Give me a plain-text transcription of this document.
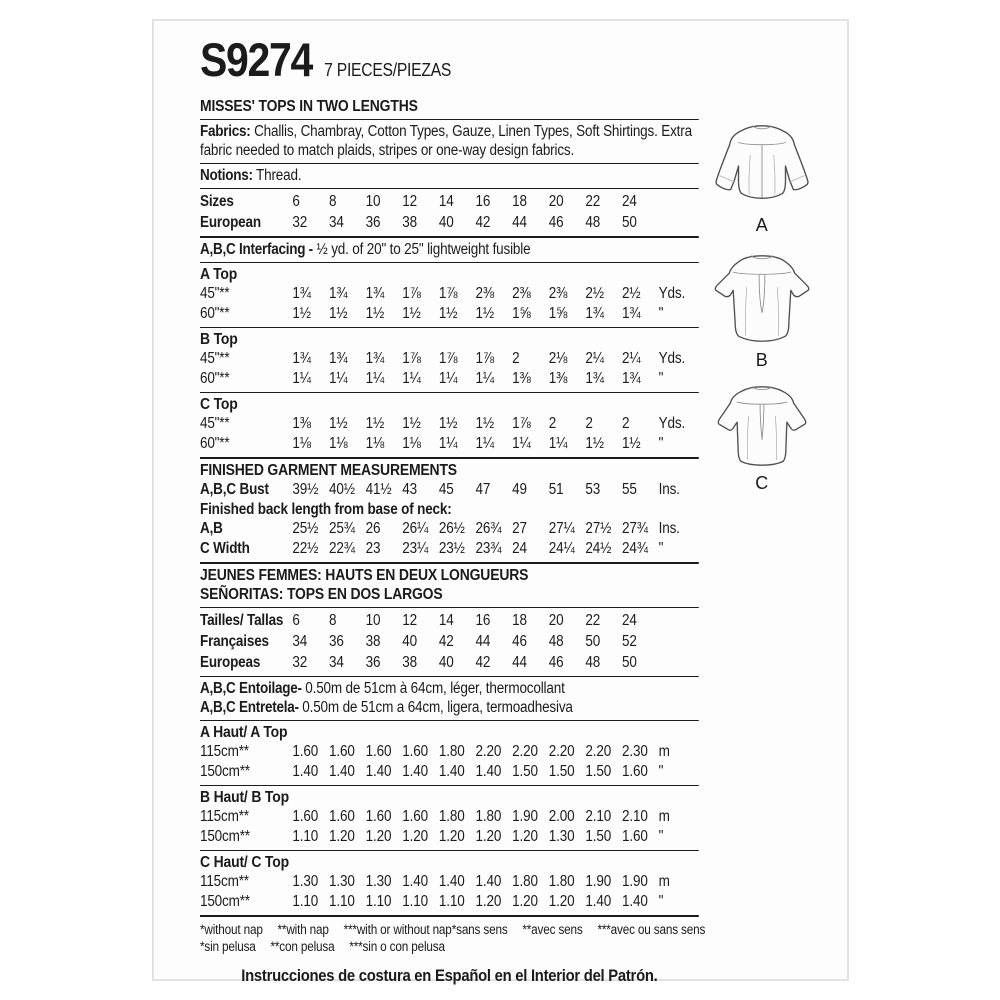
S9274 7 PIECES/PIEZAS
MISSES' TOPS IN TWO LENGTHS
Fabrics: Challis, Chambray, Cotton Types, Gauze, Linen Types, Soft Shirtings. Extra fabric needed to match plaids, stripes or one-way design fabrics.
Notions: Thread.
Sizes	6	8	10	12	14	16	18	20	22	24
European	32	34	36	38	40	42	44	46	48	50
A,B,C Interfacing - ½ yd. of 20" to 25" lightweight fusible
A Top
45"**	1¾	1¾	1¾	1⅞	1⅞	2⅜	2⅜	2⅜	2½	2½	Yds.
60"**	1½	1½	1½	1½	1½	1½	1⅝	1⅝	1¾	1¾	"
B Top
45"**	1¾	1¾	1¾	1⅞	1⅞	1⅞	2	2⅛	2¼	2¼	Yds.
60"**	1¼	1¼	1¼	1¼	1¼	1¼	1⅜	1⅜	1¾	1¾	"
C Top
45"**	1⅜	1½	1½	1½	1½	1½	1⅞	2	2	2	Yds.
60"**	1⅛	1⅛	1⅛	1⅛	1¼	1¼	1¼	1¼	1½	1½	"
FINISHED GARMENT MEASUREMENTS
A,B,C Bust	39½ 40½ 41½ 43	45	47	49	51	53	55	Ins.
Finished back length from base of neck:
A,B	25½ 25¾ 26	26¼ 26½ 26¾ 27	27¼ 27½ 27¾ Ins.
C Width	22½ 22¾ 23	23¼ 23½ 23¾ 24	24¼ 24½ 24¾ "
JEUNES FEMMES: HAUTS EN DEUX LONGUEURS
SEÑORITAS: TOPS EN DOS LARGOS
Tailles/ Tallas 6	8	10	12	14	16	18	20	22	24
Françaises	34	36	38	40	42	44	46	48	50	52
Europeas	32	34	36	38	40	42	44	46	48	50
A,B,C Entoilage- 0.50m de 51cm à 64cm, léger, thermocollant
A,B,C Entretela- 0.50m de 51cm a 64cm, ligera, termoadhesiva
A Haut/ A Top
115cm**	1.60 1.60 1.60 1.60 1.80 2.20 2.20 2.20 2.20 2.30 m
150cm**	1.40 1.40 1.40 1.40 1.40 1.40 1.50 1.50 1.50 1.60 "
B Haut/ B Top
115cm**	1.60 1.60 1.60 1.60 1.80 1.80 1.90 2.00 2.10 2.10 m
150cm**	1.10 1.20 1.20 1.20 1.20 1.20 1.20 1.30 1.50 1.60 "
C Haut/ C Top
115cm**	1.30 1.30 1.30 1.40 1.40 1.40 1.80 1.80 1.90 1.90 m
150cm**	1.10 1.10 1.10 1.10 1.10 1.20 1.20 1.20 1.40 1.40 "
*without nap **with nap ***with or without nap *sans sens **avec sens ***avec ou sans sens
*sin pelusa **con pelusa ***sin o con pelusa
Instrucciones de costura en Español en el Interior del Patrón.
A
B
C
